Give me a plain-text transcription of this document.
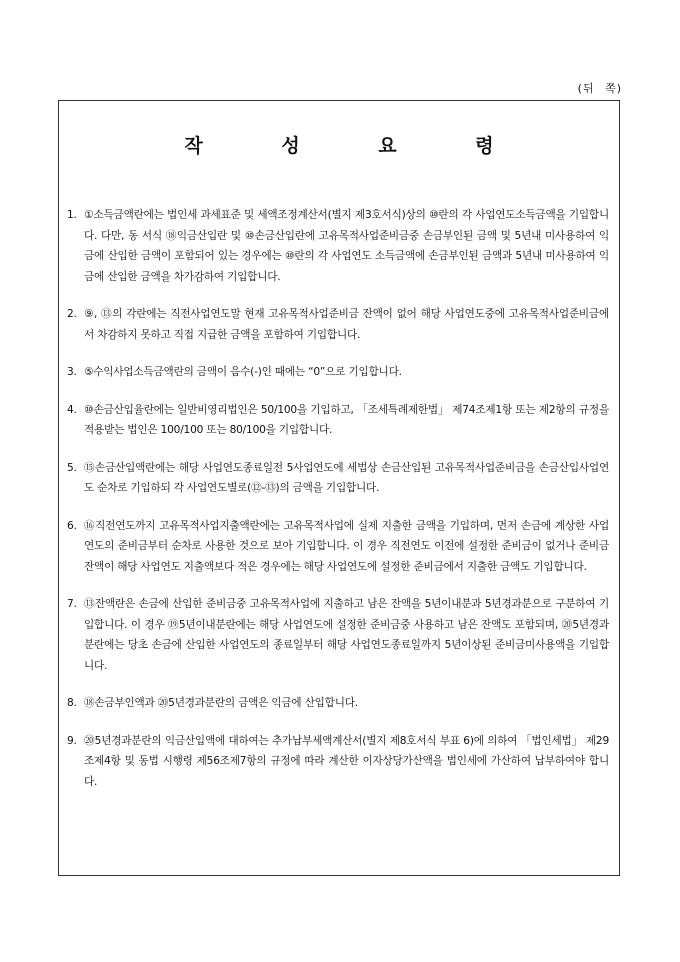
(뒤 쪽)
작 성 요 령
1. ①소득금액란에는 법인세 과세표준 및 세액조정계산서(별지 제3호서식)상의 ⑩란의 각 사업연도소득금액을 기입합니다. 다만, 동 서식 ⑱익금산입란 및 ⑩손금산입란에 고유목적사업준비금중 손금부인된 금액 및 5년내 미사용하여 익금에 산입한 금액이 포함되어 있는 경우에는 ⑩란의 각 사업연도 소득금액에 손금부인된 금액과 5년내 미사용하여 익금에 산입한 금액을 차가감하여 기입합니다.
2. ⑨, ⑬의 각란에는 직전사업연도말 현재 고유목적사업준비금 잔액이 없어 해당 사업연도중에 고유목적사업준비금에서 차감하지 못하고 직접 지급한 금액을 포함하여 기입합니다.
3. ⑤수익사업소득금액란의 금액이 음수(-)인 때에는 “0”으로 기입합니다.
4. ⑩손금산입율란에는 일반비영리법인은 50/100을 기입하고, 「조세특례제한법」 제74조제1항 또는 제2항의 규정을 적용받는 법인은 100/100 또는 80/100을 기입합니다.
5. ⑮손금산입액란에는 해당 사업연도종료일전 5사업연도에 세법상 손금산입된 고유목적사업준비금을 손금산입사업연도 순차로 기입하되 각 사업연도별로(⑫-⑬)의 금액을 기입합니다.
6. ⑯직전연도까지 고유목적사업지출액란에는 고유목적사업에 실제 지출한 금액을 기입하며, 먼저 손금에 계상한 사업연도의 준비금부터 순차로 사용한 것으로 보아 기입합니다. 이 경우 직전연도 이전에 설정한 준비금이 없거나 준비금 잔액이 해당 사업연도 지출액보다 적은 경우에는 해당 사업연도에 설정한 준비금에서 지출한 금액도 기입합니다.
7. ⑬잔액란은 손금에 산입한 준비금중 고유목적사업에 지출하고 남은 잔액을 5년이내분과 5년경과분으로 구분하여 기입합니다. 이 경우 ⑲5년이내분란에는 해당 사업연도에 설정한 준비금중 사용하고 남은 잔액도 포함되며, ⑳5년경과분란에는 당초 손금에 산입한 사업연도의 종료일부터 해당 사업연도종료일까지 5년이상된 준비금미사용액을 기입합니다.
8. ⑱손금부인액과 ⑳5년경과분란의 금액은 익금에 산입합니다.
9. ⑳5년경과분란의 익금산입액에 대하여는 추가납부세액계산서(별지 제8호서식 부표 6)에 의하여 「법인세법」 제29조제4항 및 동법 시행령 제56조제7항의 규정에 따라 계산한 이자상당가산액을 법인세에 가산하여 납부하여야 합니다.
